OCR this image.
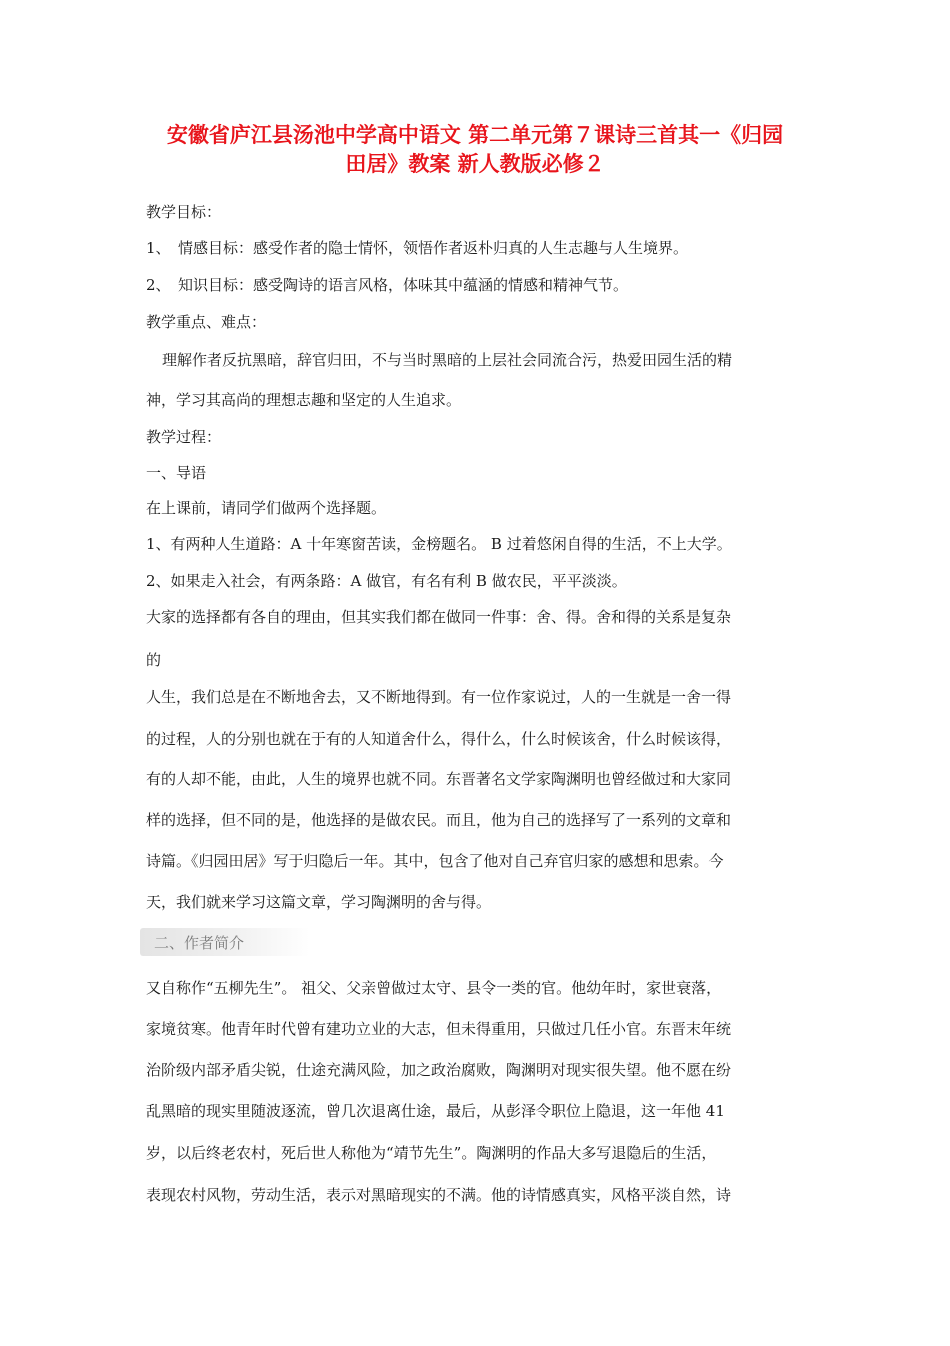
安徽省庐江县汤池中学高中语文 第二单元第７课诗三首其一《归园
田居》教案 新人教版必修２
教学目标：
1、　情感目标：感受作者的隐士情怀，领悟作者返朴归真的人生志趣与人生境界。
2、　知识目标：感受陶诗的语言风格，体味其中蕴涵的情感和精神气节。
教学重点、难点：
理解作者反抗黑暗，辞官归田，不与当时黑暗的上层社会同流合污，热爱田园生活的精
神，学习其高尚的理想志趣和坚定的人生追求。
教学过程：
一、导语
在上课前，请同学们做两个选择题。
1、有两种人生道路：A 十年寒窗苦读，金榜题名。 B 过着悠闲自得的生活，不上大学。
2、如果走入社会，有两条路：A 做官，有名有利 B 做农民，平平淡淡。
大家的选择都有各自的理由，但其实我们都在做同一件事：舍、得。舍和得的关系是复杂
的
人生，我们总是在不断地舍去，又不断地得到。有一位作家说过，人的一生就是一舍一得
的过程，人的分别也就在于有的人知道舍什么，得什么，什么时候该舍，什么时候该得，
有的人却不能，由此，人生的境界也就不同。东晋著名文学家陶渊明也曾经做过和大家同
样的选择，但不同的是，他选择的是做农民。而且，他为自己的选择写了一系列的文章和
诗篇。《归园田居》写于归隐后一年。其中，包含了他对自己弃官归家的感想和思索。今
天，我们就来学习这篇文章，学习陶渊明的舍与得。
二、作者简介
又自称作“五柳先生”。 祖父、父亲曾做过太守、县令一类的官。他幼年时，家世衰落，
家境贫寒。他青年时代曾有建功立业的大志，但未得重用，只做过几任小官。东晋末年统
治阶级内部矛盾尖锐，仕途充满风险，加之政治腐败，陶渊明对现实很失望。他不愿在纷
乱黑暗的现实里随波逐流，曾几次退离仕途，最后，从彭泽令职位上隐退，这一年他 41
岁，以后终老农村，死后世人称他为“靖节先生”。陶渊明的作品大多写退隐后的生活，
表现农村风物，劳动生活，表示对黑暗现实的不满。他的诗情感真实，风格平淡自然，诗
